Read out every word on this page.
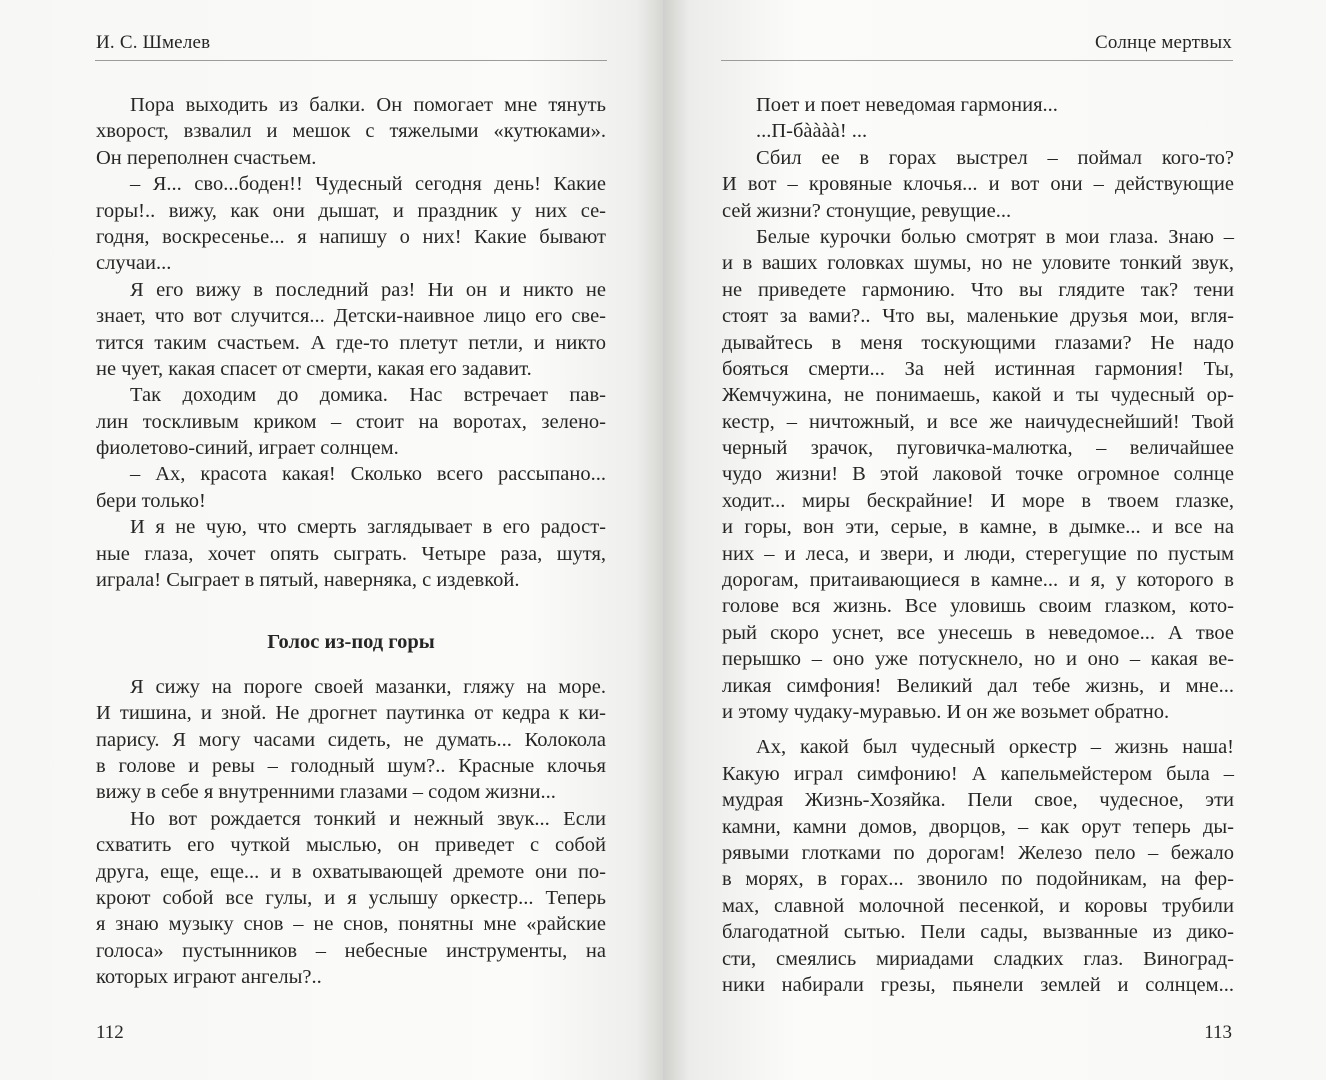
И. С. Шмелев
Пора выходить из балки. Он помогает мне тянуть
хворост, взвалил и мешок с тяжелыми «кутюками».
Он переполнен счастьем.
– Я... сво...боден!! Чудесный сегодня день! Какие
горы!.. вижу, как они дышат, и праздник у них се-
годня, воскресенье... я напишу о них! Какие бывают
случаи...
Я его вижу в последний раз! Ни он и никто не
знает, что вот случится... Детски-наивное лицо его све-
тится таким счастьем. А где-то плетут петли, и никто
не чует, какая спасет от смерти, какая его задавит.
Так доходим до домика. Нас встречает пав-
лин тоскливым криком – стоит на воротах, зелено-
фиолетово-синий, играет солнцем.
– Ах, красота какая! Сколько всего рассыпано...
бери только!
И я не чую, что смерть заглядывает в его радост-
ные глаза, хочет опять сыграть. Четыре раза, шутя,
играла! Сыграет в пятый, наверняка, с издевкой.
Голос из-под горы
Я сижу на пороге своей мазанки, гляжу на море.
И тишина, и зной. Не дрогнет паутинка от кедра к ки-
парису. Я могу часами сидеть, не думать... Колокола
в голове и ревы – голодный шум?.. Красные клочья
вижу в себе я внутренними глазами – содом жизни...
Но вот рождается тонкий и нежный звук... Если
схватить его чуткой мыслью, он приведет с собой
друга, еще, еще... и в охватывающей дремоте они по-
кроют собой все гулы, и я услышу оркестр... Теперь
я знаю музыку снов – не снов, понятны мне «райские
голоса» пустынников – небесные инструменты, на
которых играют ангелы?..
112
Солнце мертвых
Поет и поет неведомая гармония...
...П-бàààà! ...
Сбил ее в горах выстрел – поймал кого-то?
И вот – кровяные клочья... и вот они – действующие
сей жизни? стонущие, ревущие...
Белые курочки болью смотрят в мои глаза. Знаю –
и в ваших головках шумы, но не уловите тонкий звук,
не приведете гармонию. Что вы глядите так? тени
стоят за вами?.. Что вы, маленькие друзья мои, вгля-
дывайтесь в меня тоскующими глазами? Не надо
бояться смерти... За ней истинная гармония! Ты,
Жемчужина, не понимаешь, какой и ты чудесный ор-
кестр, – ничтожный, и все же наичудеснейший! Твой
черный зрачок, пуговичка-малютка, – величайшее
чудо жизни! В этой лаковой точке огромное солнце
ходит... миры бескрайние! И море в твоем глазке,
и горы, вон эти, серые, в камне, в дымке... и все на
них – и леса, и звери, и люди, стерегущие по пустым
дорогам, притаивающиеся в камне... и я, у которого в
голове вся жизнь. Все уловишь своим глазком, кото-
рый скоро уснет, все унесешь в неведомое... А твое
перышко – оно уже потускнело, но и оно – какая ве-
ликая симфония! Великий дал тебе жизнь, и мне...
и этому чудаку-муравью. И он же возьмет обратно.
Ах, какой был чудесный оркестр – жизнь наша!
Какую играл симфонию! А капельмейстером была –
мудрая Жизнь-Хозяйка. Пели свое, чудесное, эти
камни, камни домов, дворцов, – как орут теперь ды-
рявыми глотками по дорогам! Железо пело – бежало
в морях, в горах... звонило по подойникам, на фер-
мах, славной молочной песенкой, и коровы трубили
благодатной сытью. Пели сады, вызванные из дико-
сти, смеялись мириадами сладких глаз. Виноград-
ники набирали грезы, пьянели землей и солнцем...
113
